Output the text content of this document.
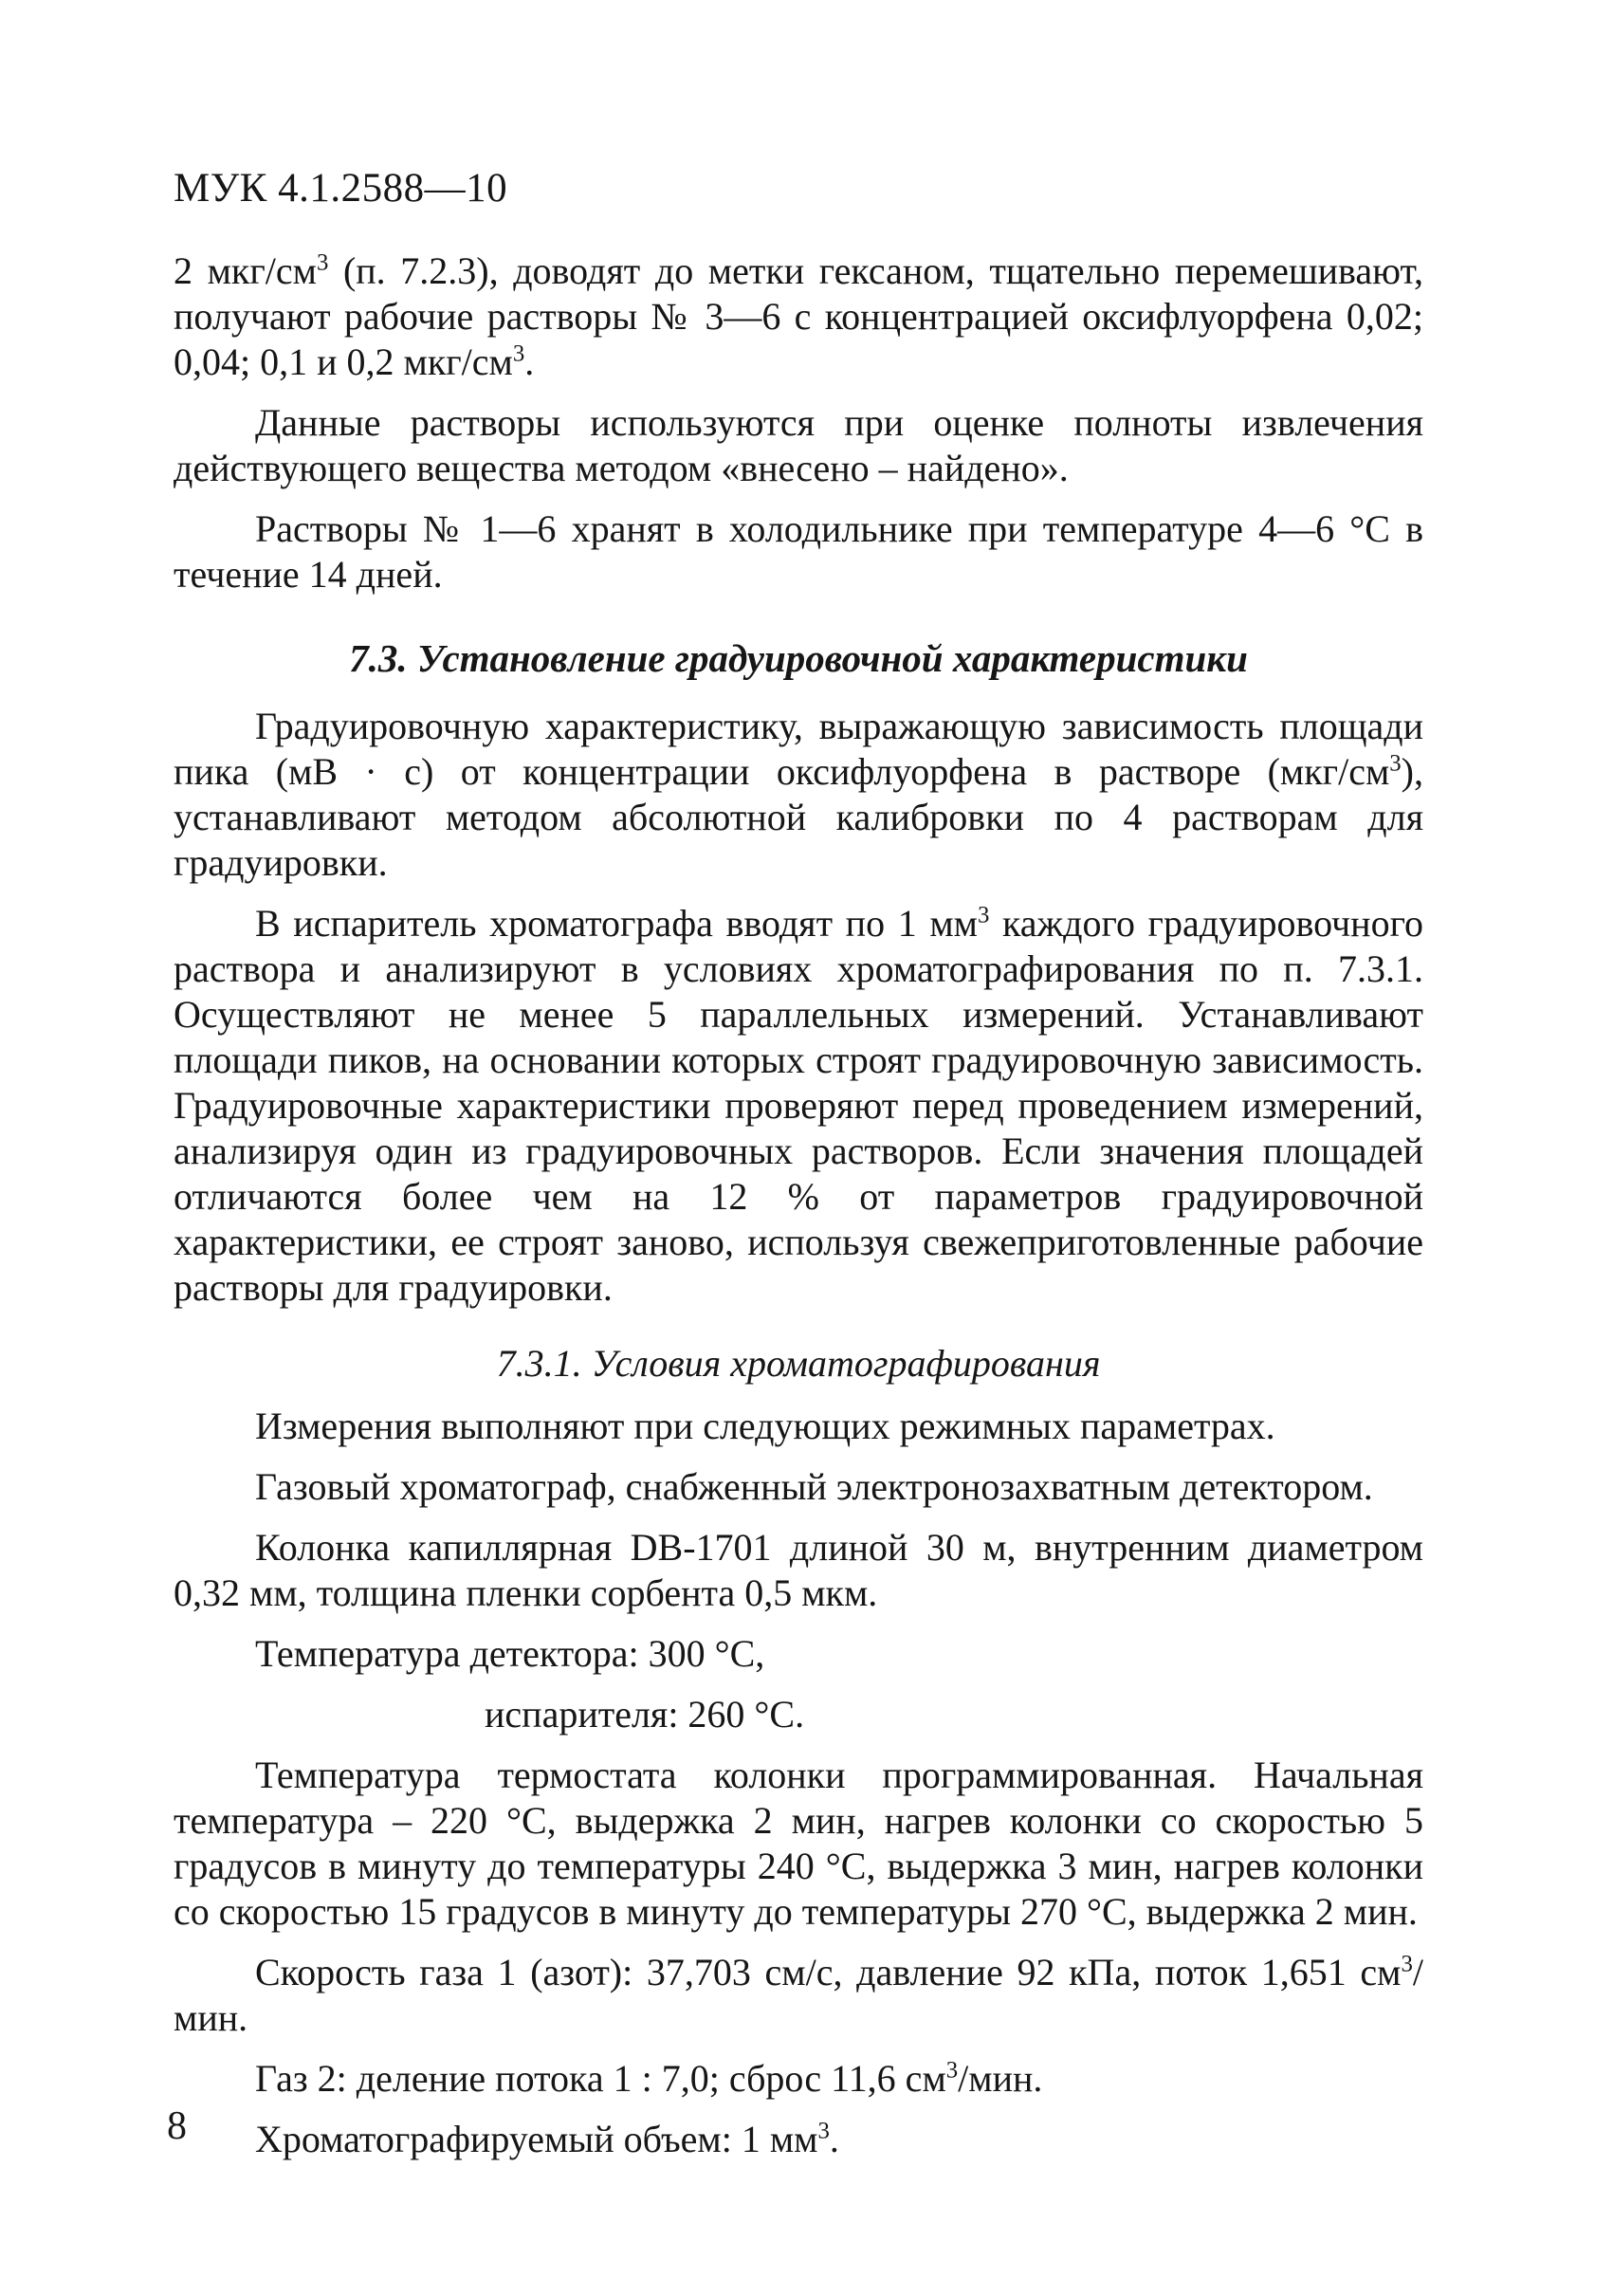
МУК 4.1.2588—10

2 мкг/$см^3$ (п. 7.2.3), доводят до метки гексаном, тщательно перемешивают, получают рабочие растворы № 3—6 с концентрацией оксифлуорфена 0,02; 0,04; 0,1 и 0,2 мкг/$см^3$.

Данные растворы используются при оценке полноты извлечения действующего вещества методом «внесено – найдено».

Растворы № 1—6 хранят в холодильнике при температуре 4—6 °С в течение 14 дней.

7.3. Установление градуировочной характеристики

Градуировочную характеристику, выражающую зависимость площади пика (мВ · с) от концентрации оксифлуорфена в растворе $(мкг/см^3)$, устанавливают методом абсолютной калибровки по 4 растворам для градуировки.

В испаритель хроматографа вводят по 1 $мм^3$ каждого градуировочного раствора и анализируют в условиях хроматографирования по п. 7.3.1. Осуществляют не менее 5 параллельных измерений. Устанавливают площади пиков, на основании которых строят градуировочную зависимость. Градуировочные характеристики проверяют перед проведением измерений, анализируя один из градуировочных растворов. Если значения площадей отличаются более чем на 12 % от параметров градуировочной характеристики, ее строят заново, используя свежеприготовленные рабочие растворы для градуировки.

7.3.1. Условия хроматографирования

Измерения выполняют при следующих режимных параметрах.

Газовый хроматограф, снабженный электронозахватным детектором.

Колонка капиллярная DB-1701 длиной 30 м, внутренним диаметром 0,32 мм, толщина пленки сорбента 0,5 мкм.

Температура детектора: 300 °С,

испарителя: 260 °С.

Температура термостата колонки программированная. Начальная температура – 220 °С, выдержка 2 мин, нагрев колонки со скоростью 5 градусов в минуту до температуры 240 °С, выдержка 3 мин, нагрев колонки со скоростью 15 градусов в минуту до температуры 270 °С, выдержка 2 мин.

Скорость газа 1 (азот): 37,703 см/с, давление 92 кПа, поток 1,651 $см^3$/мин.

Газ 2: деление потока 1 : 7,0; сброс 11,6 $см^3$/мин.

Хроматографируемый объем: 1 $мм^3$.

8
